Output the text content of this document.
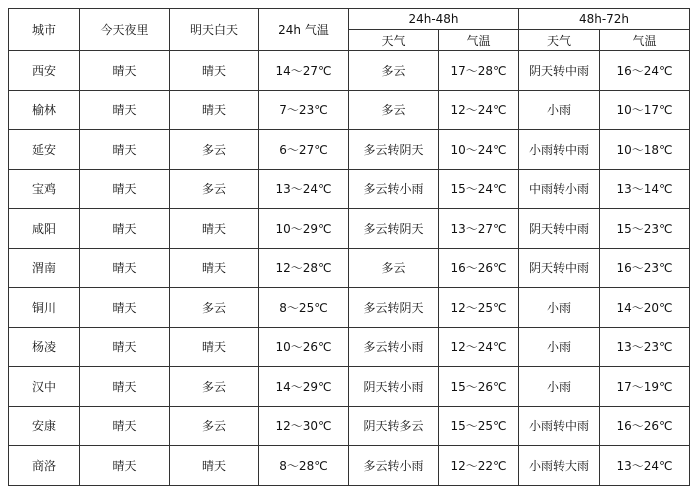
城市	今天夜里	明天白天	24h 气温	24h-48h		48h-72h	
				天气	气温	天气	气温
西安	晴天	晴天	14～27℃	多云	17～28℃	阴天转中雨	16～24℃
榆林	晴天	晴天	7～23℃	多云	12～24℃	小雨	10～17℃
延安	晴天	多云	6～27℃	多云转阴天	10～24℃	小雨转中雨	10～18℃
宝鸡	晴天	多云	13～24℃	多云转小雨	15～24℃	中雨转小雨	13～14℃
咸阳	晴天	晴天	10～29℃	多云转阴天	13～27℃	阴天转中雨	15～23℃
渭南	晴天	晴天	12～28℃	多云	16～26℃	阴天转中雨	16～23℃
铜川	晴天	多云	8～25℃	多云转阴天	12～25℃	小雨	14～20℃
杨凌	晴天	晴天	10～26℃	多云转小雨	12～24℃	小雨	13～23℃
汉中	晴天	多云	14～29℃	阴天转小雨	15～26℃	小雨	17～19℃
安康	晴天	多云	12～30℃	阴天转多云	15～25℃	小雨转中雨	16～26℃
商洛	晴天	晴天	8～28℃	多云转小雨	12～22℃	小雨转大雨	13～24℃
